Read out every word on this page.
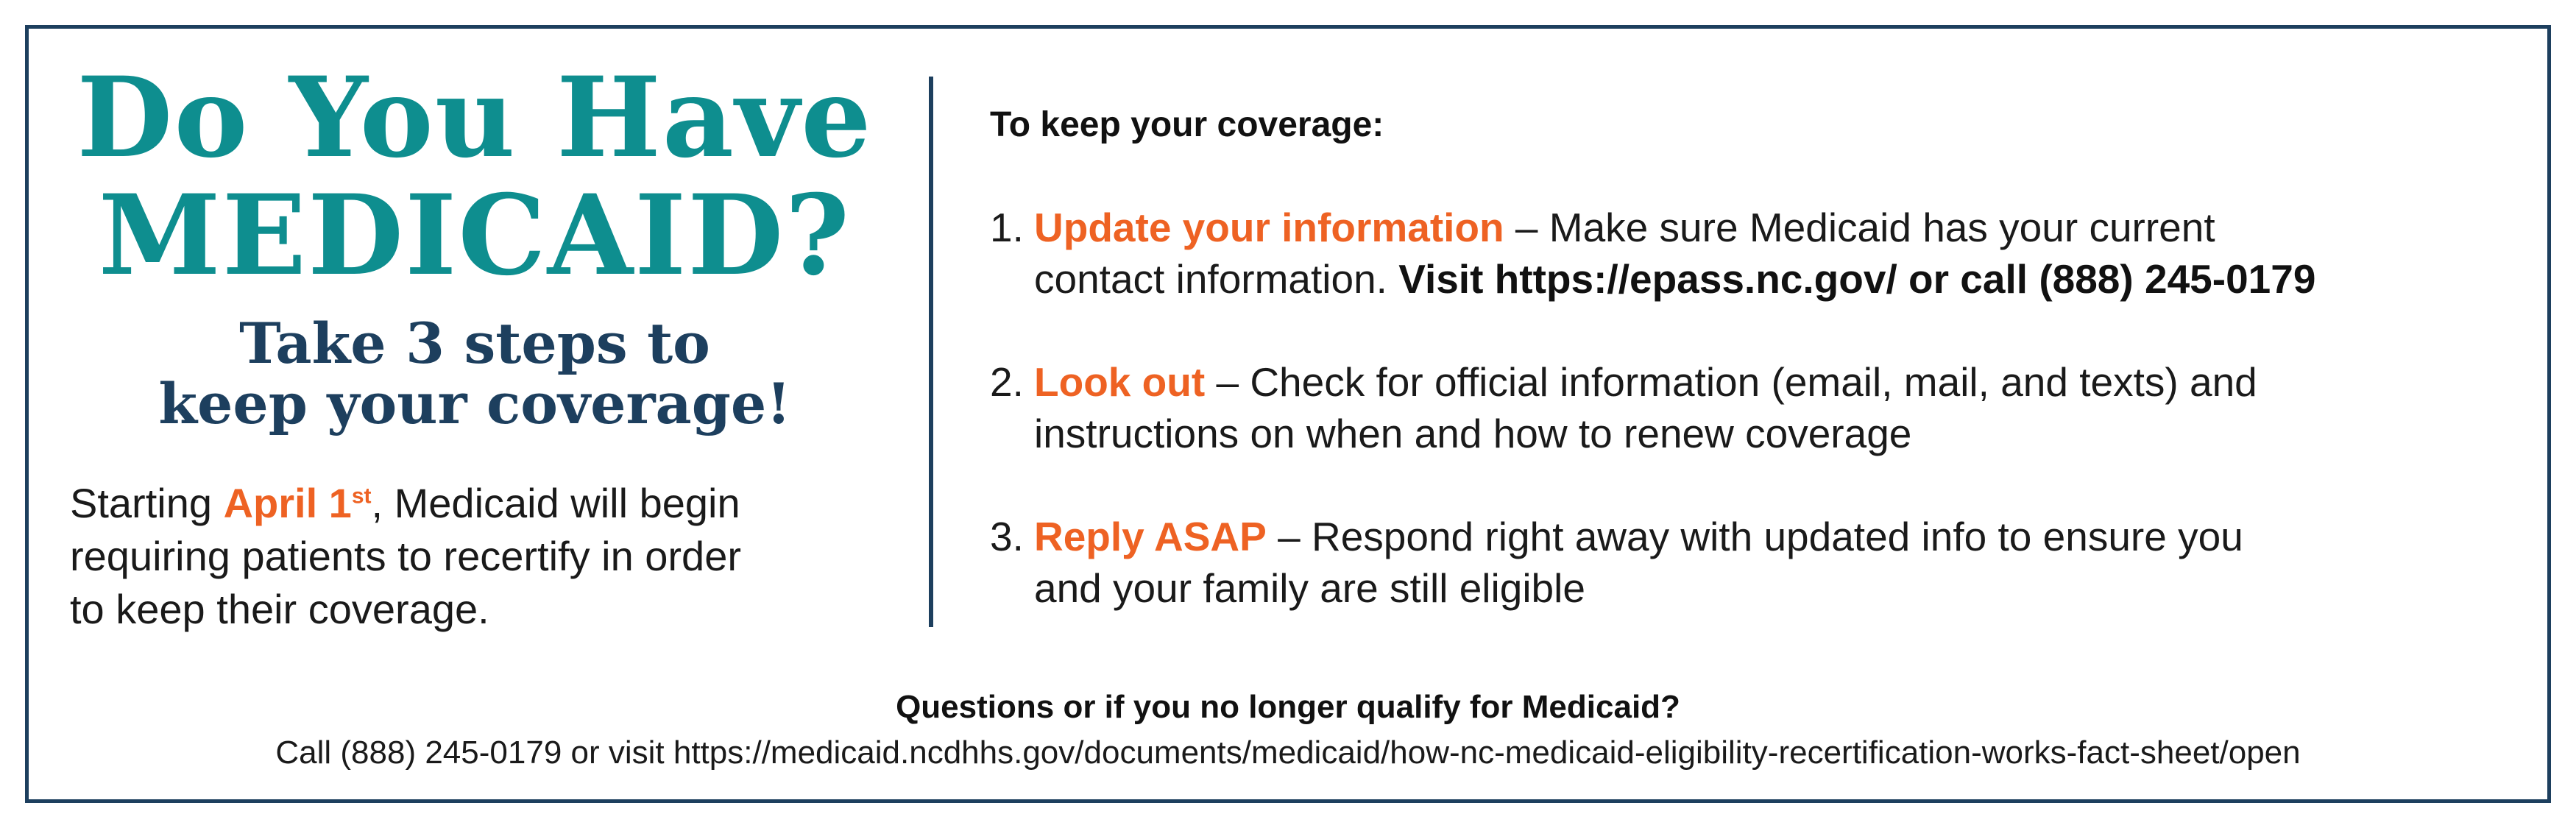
Do You Have
MEDICAID?
Take 3 steps to
keep your coverage!
Starting April 1st, Medicaid will begin
requiring patients to recertify in order
to keep their coverage.
To keep your coverage:
1. Update your information – Make sure Medicaid has your current
contact information. Visit https://epass.nc.gov/ or call (888) 245-0179
2. Look out – Check for official information (email, mail, and texts) and
instructions on when and how to renew coverage
3. Reply ASAP – Respond right away with updated info to ensure you
and your family are still eligible
Questions or if you no longer qualify for Medicaid?
Call (888) 245-0179 or visit https://medicaid.ncdhhs.gov/documents/medicaid/how-nc-medicaid-eligibility-recertification-works-fact-sheet/open
